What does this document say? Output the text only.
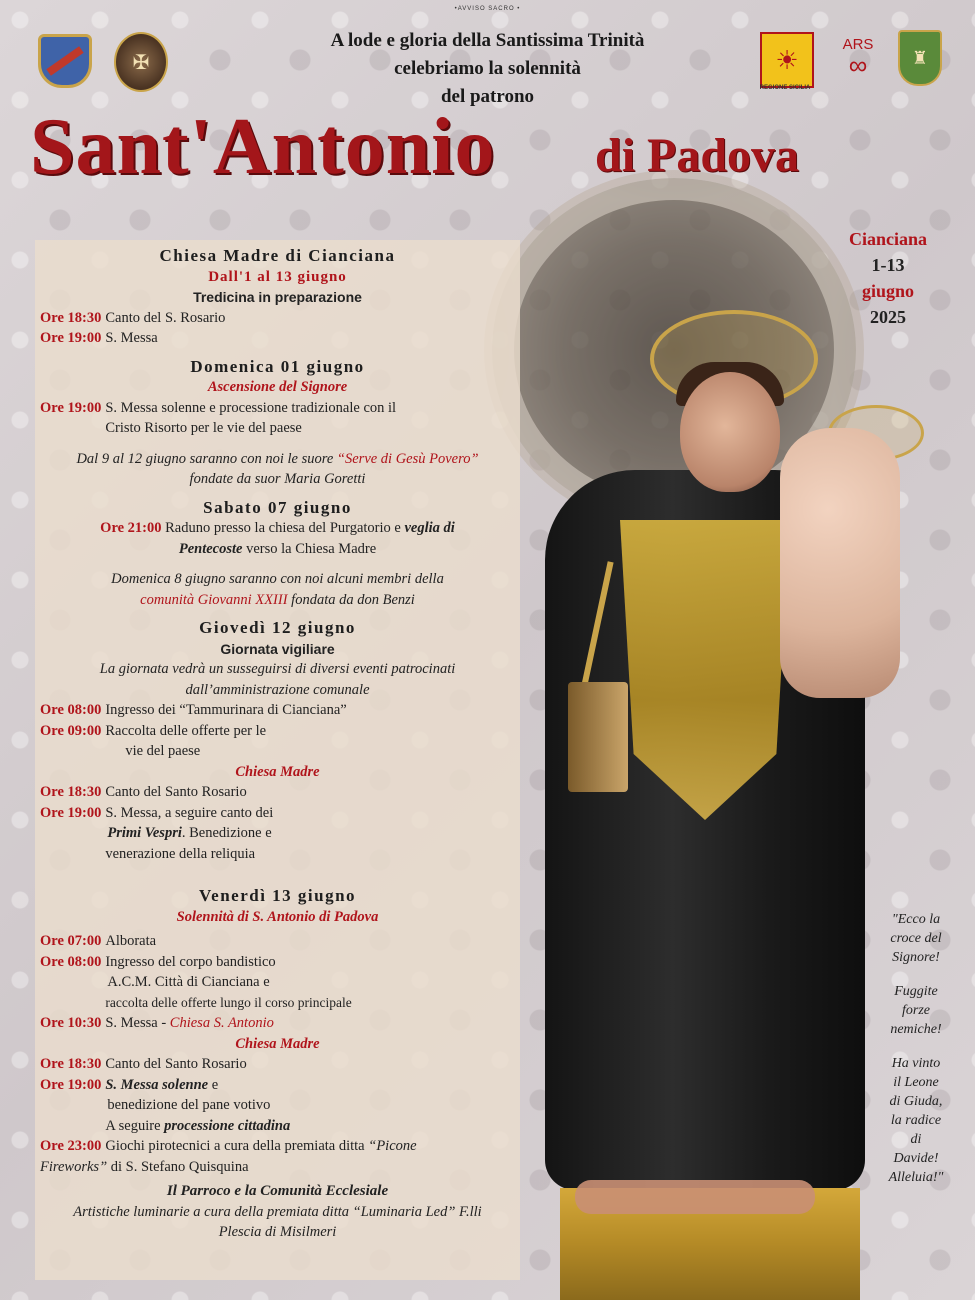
•AVVISO SACRO •
A lode e gloria della Santissima Trinità
celebriamo la solennità
del patrono
✠	☀
REGIONE SICILIA
ARS
∞ ♜
Sant'Antonio di Padova
Cianciana
1-13
giugno
2025
Chiesa Madre di Cianciana
Dall'1 al 13 giugno
Tredicina in preparazione
Ore 18:30 Canto del S. Rosario
Ore 19:00 S. Messa
Domenica 01 giugno
Ascensione del Signore
Ore 19:00 S. Messa solenne e processione tradizionale con il
Cristo Risorto per le vie del paese
Dal 9 al 12 giugno saranno con noi le suore “Serve di Gesù Povero”
fondate da suor Maria Goretti
Sabato 07 giugno
Ore 21:00 Raduno presso la chiesa del Purgatorio e veglia di
Pentecoste verso la Chiesa Madre
Domenica 8 giugno saranno con noi alcuni membri della
comunità Giovanni XXIII fondata da don Benzi
Giovedì 12 giugno
Giornata vigiliare
La giornata vedrà un susseguirsi di diversi eventi patrocinati
dall’amministrazione comunale
Ore 08:00 Ingresso dei “Tammurinara di Cianciana”
Ore 09:00 Raccolta delle offerte per le
vie del paese
Chiesa Madre
Ore 18:30 Canto del Santo Rosario
Ore 19:00 S. Messa, a seguire canto dei
Primi Vespri. Benedizione e
venerazione della reliquia
Venerdì 13 giugno
Solennità di S. Antonio di Padova
Ore 07:00 Alborata
Ore 08:00 Ingresso del corpo bandistico
A.C.M. Città di Cianciana e
raccolta delle offerte lungo il corso principale
Ore 10:30 S. Messa - Chiesa S. Antonio
Chiesa Madre
Ore 18:30 Canto del Santo Rosario
Ore 19:00 S. Messa solenne e
benedizione del pane votivo
A seguire processione cittadina
Ore 23:00 Giochi pirotecnici a cura della premiata ditta “Picone
Fireworks” di S. Stefano Quisquina
Il Parroco e la Comunità Ecclesiale
Artistiche luminarie a cura della premiata ditta “Luminaria Led” F.lli
Plescia di Misilmeri
"Ecco la
croce del
Signore!
Fuggite
forze
nemiche!
Ha vinto
il Leone
di Giuda,
la radice
di
Davide!
Alleluia!"
